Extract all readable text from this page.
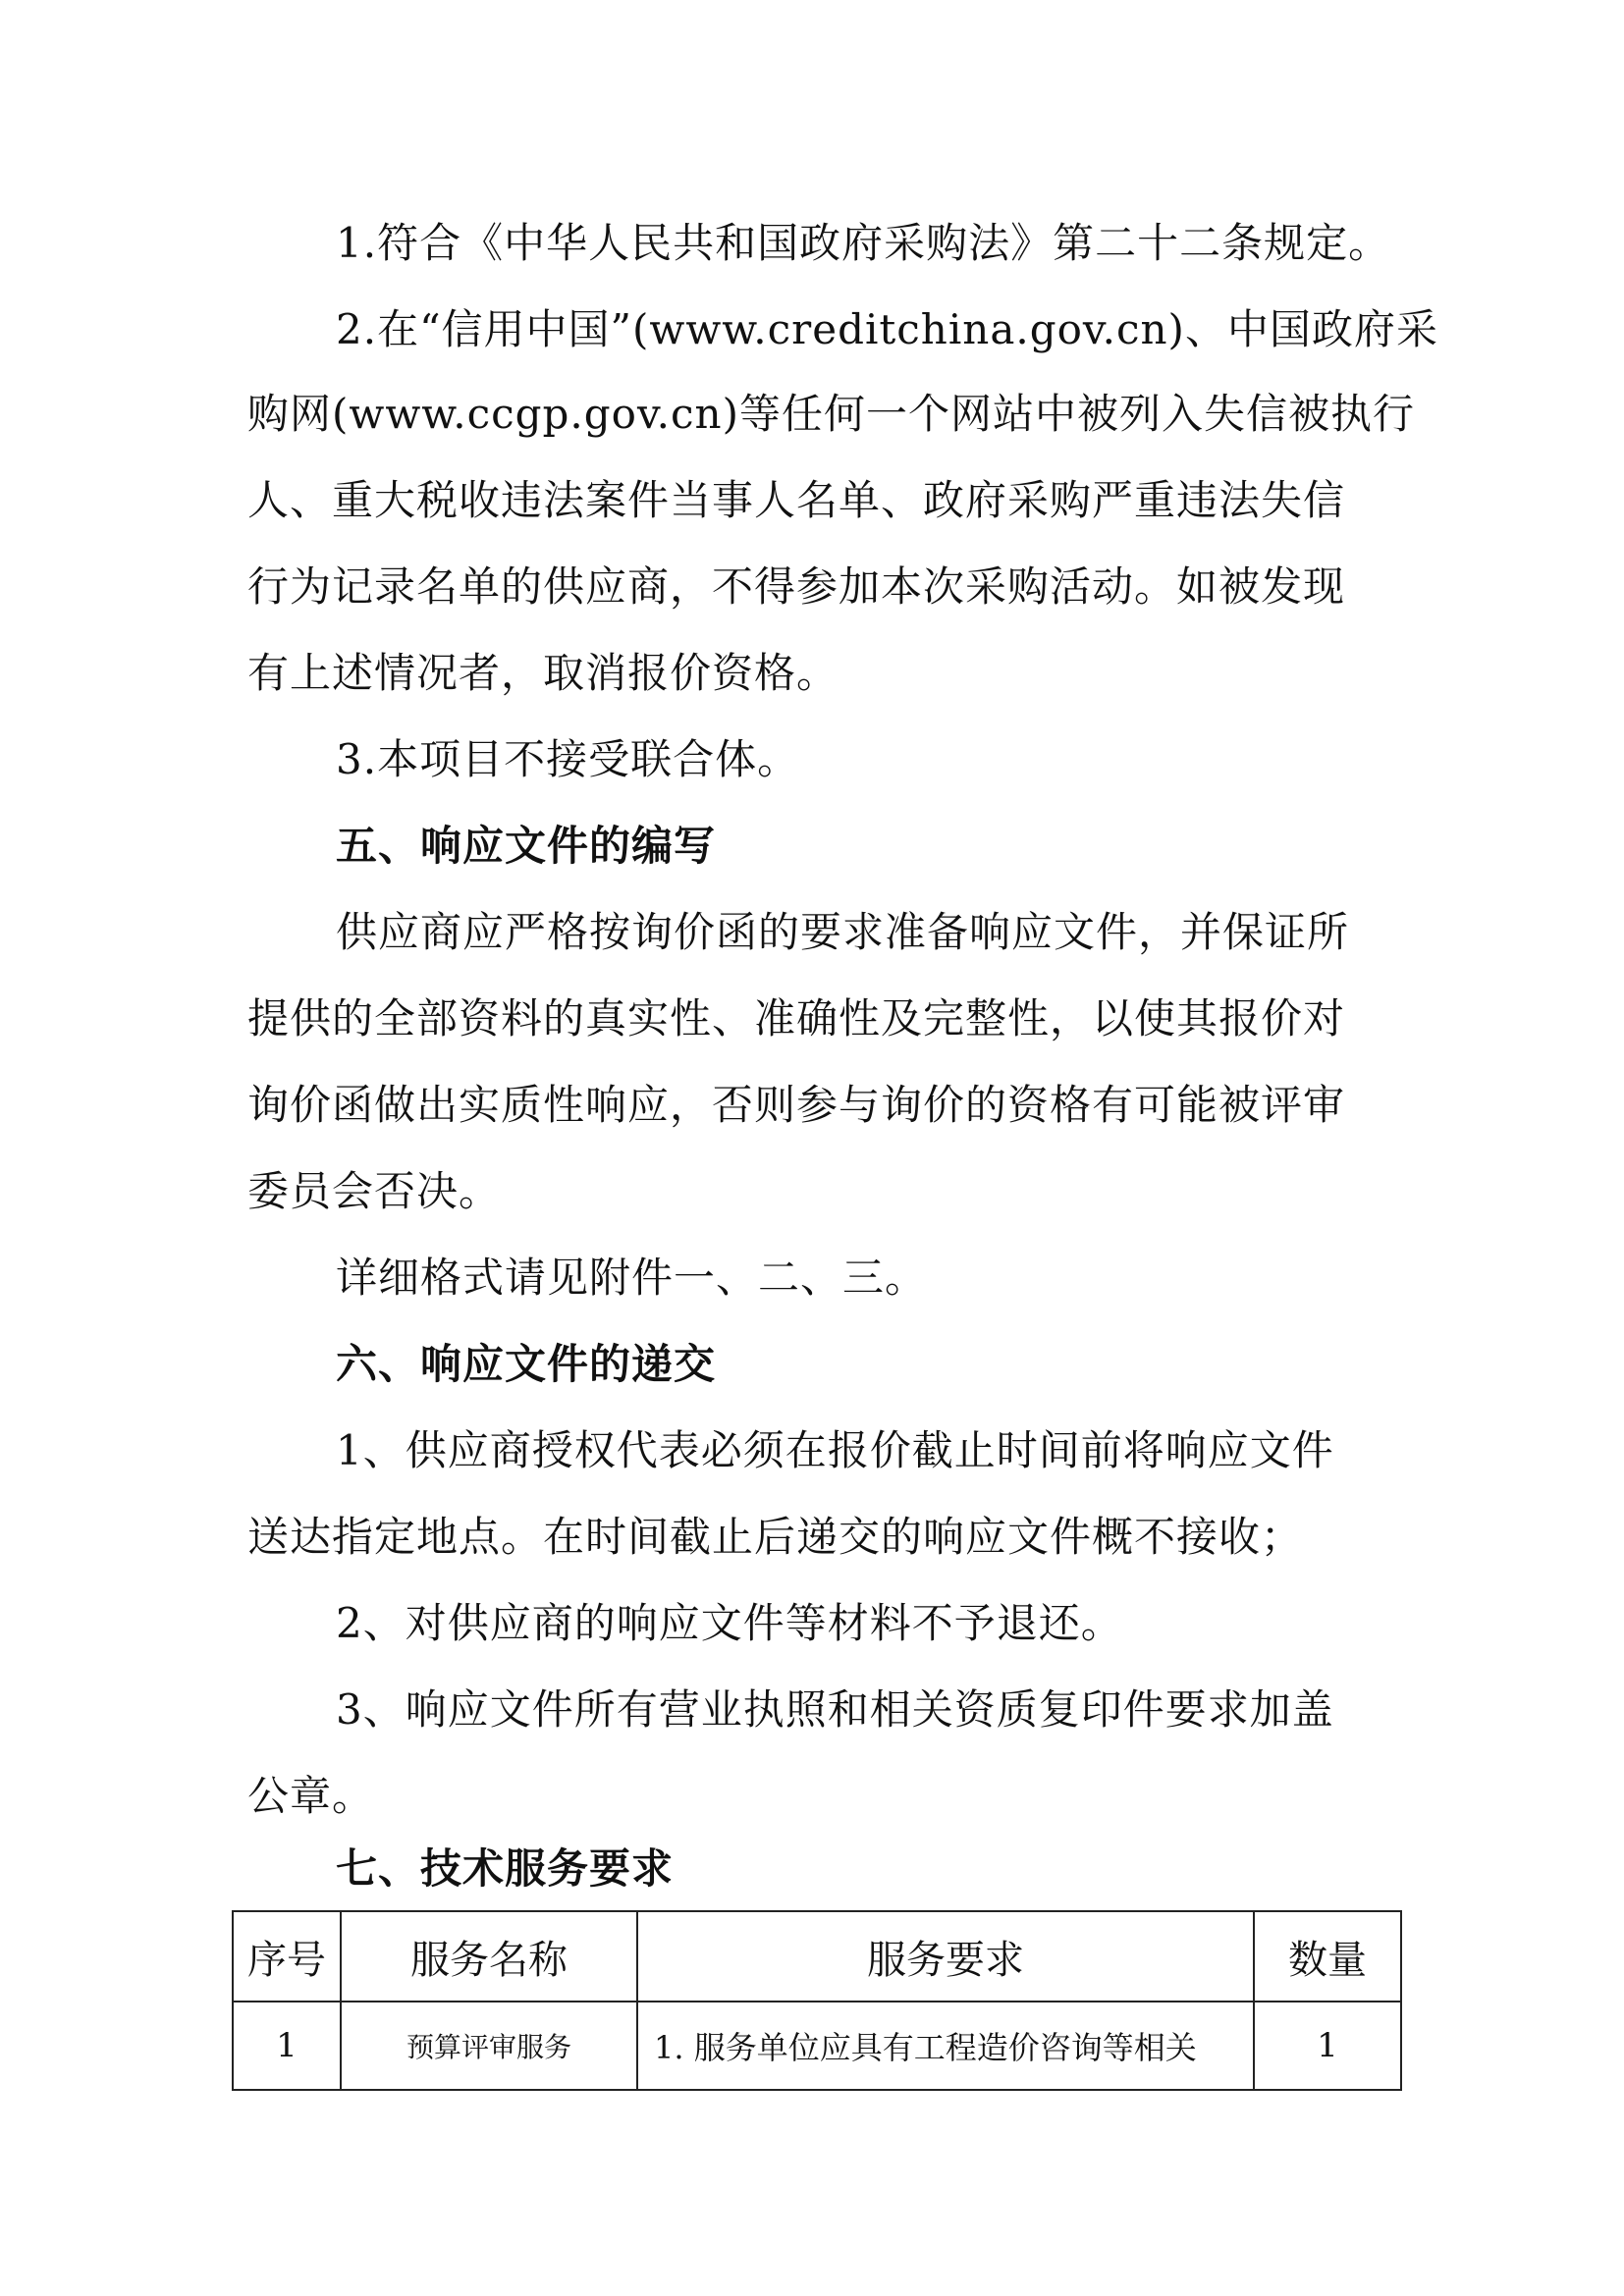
1.符合《中华人民共和国政府采购法》第二十二条规定。
2.在“信用中国”(www.creditchina.gov.cn)、中国政府采
购网(www.ccgp.gov.cn)等任何一个网站中被列入失信被执行
人、重大税收违法案件当事人名单、政府采购严重违法失信
行为记录名单的供应商，不得参加本次采购活动。如被发现
有上述情况者，取消报价资格。
3.本项目不接受联合体。
五、响应文件的编写
供应商应严格按询价函的要求准备响应文件，并保证所
提供的全部资料的真实性、准确性及完整性，以使其报价对
询价函做出实质性响应，否则参与询价的资格有可能被评审
委员会否决。
详细格式请见附件一、二、三。
六、响应文件的递交
1、供应商授权代表必须在报价截止时间前将响应文件
送达指定地点。在时间截止后递交的响应文件概不接收；
2、对供应商的响应文件等材料不予退还。
3、响应文件所有营业执照和相关资质复印件要求加盖
公章。
七、技术服务要求
序号	服务名称	服务要求	数量
1	预算评审服务	1. 服务单位应具有工程造价咨询等相关	1
